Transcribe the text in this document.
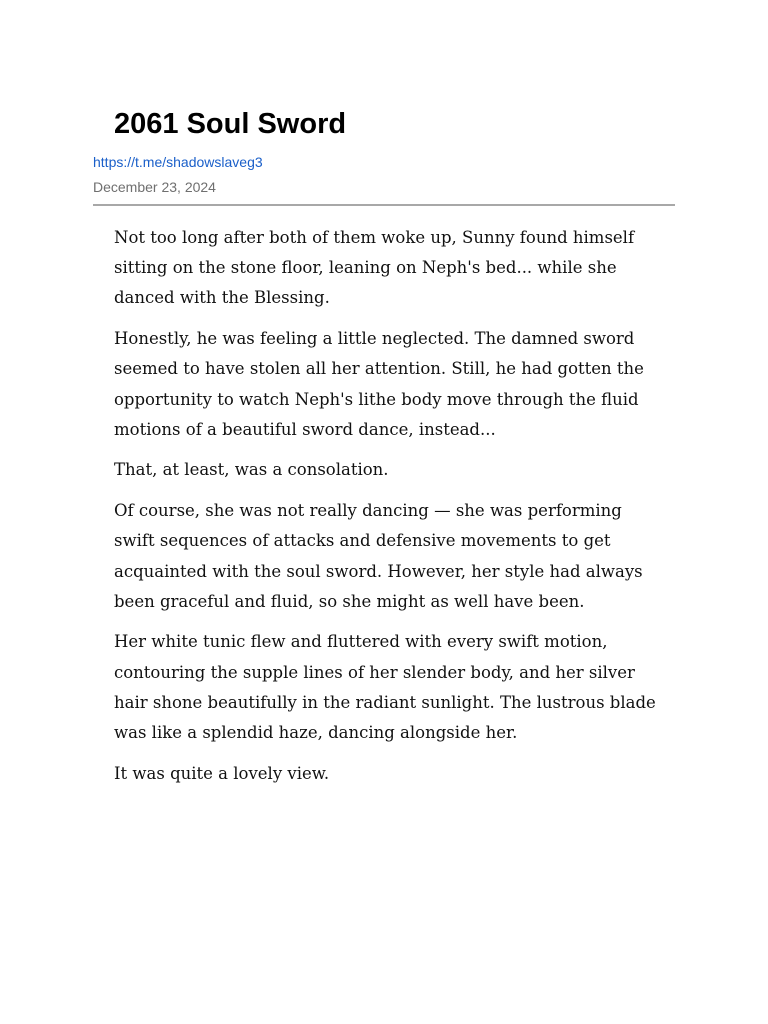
2061 Soul Sword
https://t.me/shadowslaveg3
December 23, 2024

Not too long after both of them woke up, Sunny found himself sitting on the stone floor, leaning on Neph's bed... while she danced with the Blessing.

Honestly, he was feeling a little neglected. The damned sword seemed to have stolen all her attention. Still, he had gotten the opportunity to watch Neph's lithe body move through the fluid motions of a beautiful sword dance, instead...

That, at least, was a consolation.

Of course, she was not really dancing — she was performing swift sequences of attacks and defensive movements to get acquainted with the soul sword. However, her style had always been graceful and fluid, so she might as well have been.

Her white tunic flew and fluttered with every swift motion, contouring the supple lines of her slender body, and her silver hair shone beautifully in the radiant sunlight. The lustrous blade was like a splendid haze, dancing alongside her.

It was quite a lovely view.
